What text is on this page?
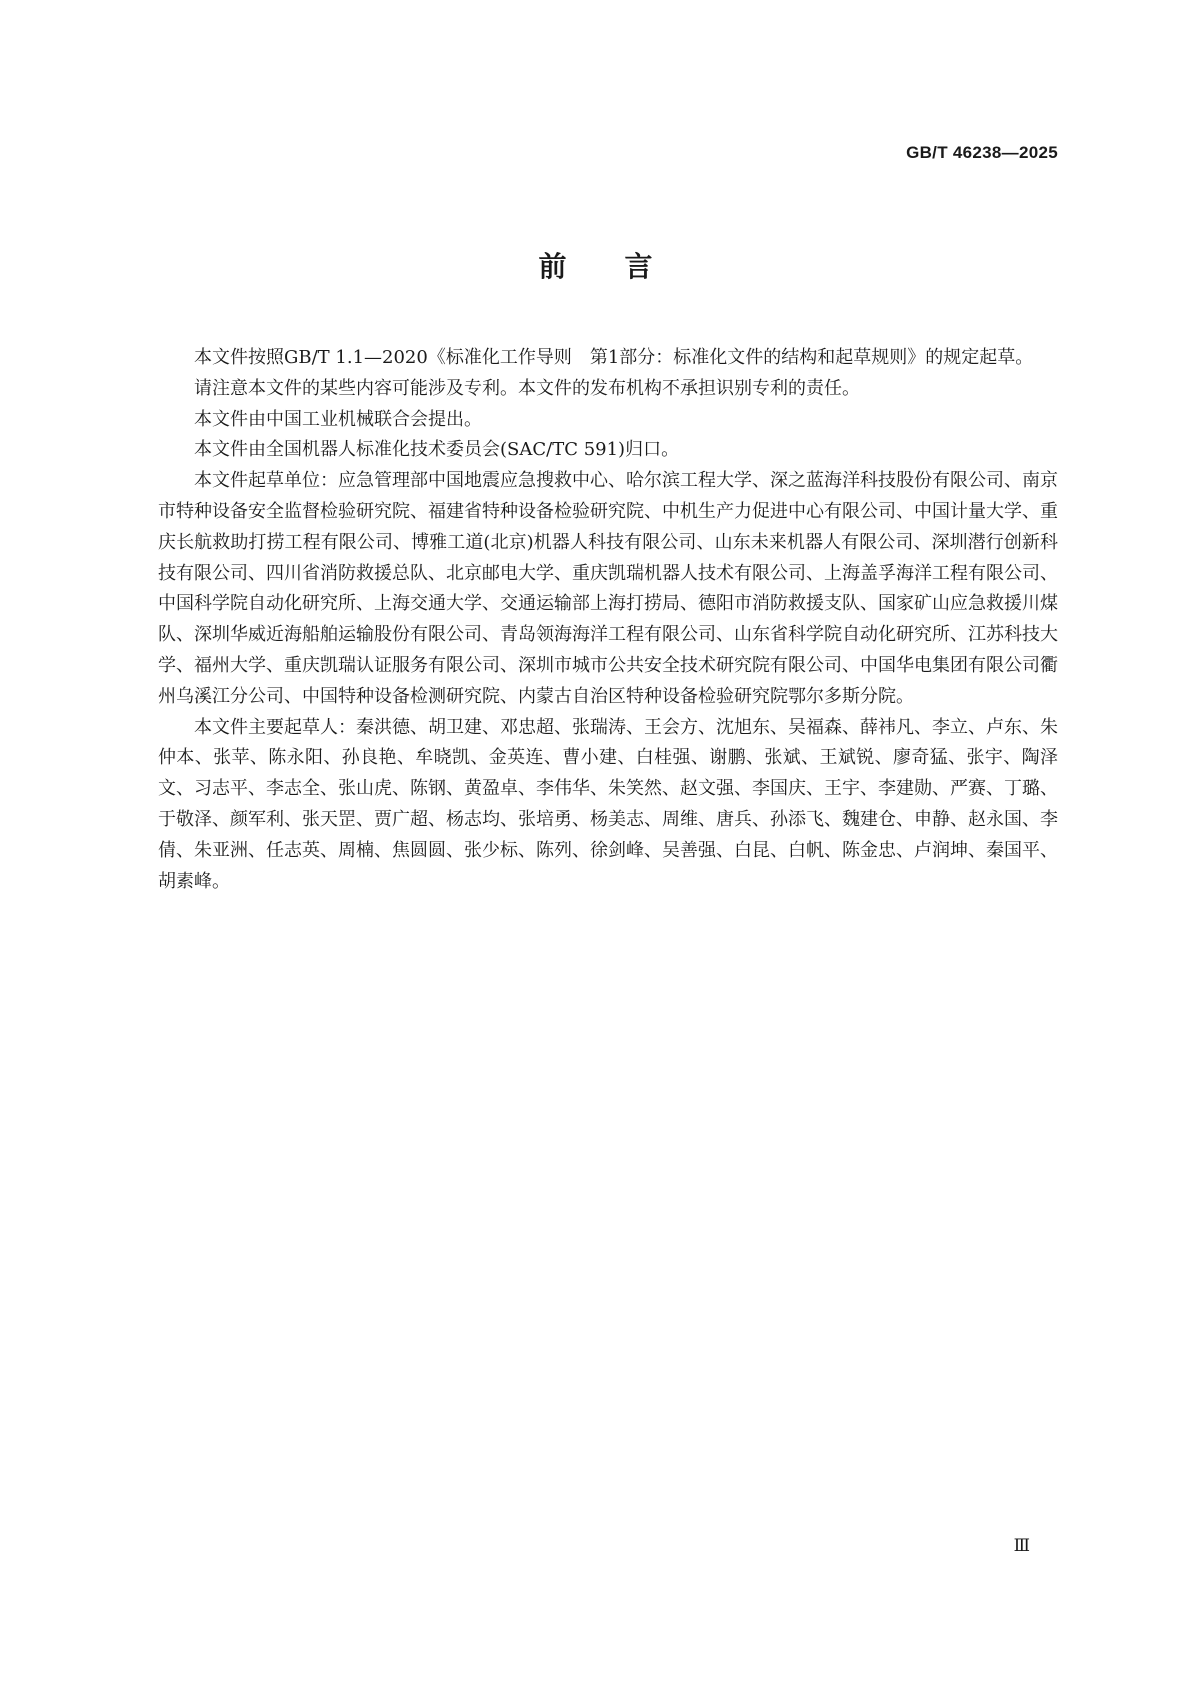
GB/T 46238—2025
前言

本文件按照GB/T 1.1—2020《标准化工作导则　第1部分：标准化文件的结构和起草规则》的规定起草。

请注意本文件的某些内容可能涉及专利。本文件的发布机构不承担识别专利的责任。

本文件由中国工业机械联合会提出。

本文件由全国机器人标准化技术委员会(SAC/TC 591)归口。

本文件起草单位：应急管理部中国地震应急搜救中心、哈尔滨工程大学、深之蓝海洋科技股份有限公司、南京市特种设备安全监督检验研究院、福建省特种设备检验研究院、中机生产力促进中心有限公司、中国计量大学、重庆长航救助打捞工程有限公司、博雅工道(北京)机器人科技有限公司、山东未来机器人有限公司、深圳潜行创新科技有限公司、四川省消防救援总队、北京邮电大学、重庆凯瑞机器人技术有限公司、上海盖孚海洋工程有限公司、中国科学院自动化研究所、上海交通大学、交通运输部上海打捞局、德阳市消防救援支队、国家矿山应急救援川煤队、深圳华威近海船舶运输股份有限公司、青岛领海海洋工程有限公司、山东省科学院自动化研究所、江苏科技大学、福州大学、重庆凯瑞认证服务有限公司、深圳市城市公共安全技术研究院有限公司、中国华电集团有限公司衢州乌溪江分公司、中国特种设备检测研究院、内蒙古自治区特种设备检验研究院鄂尔多斯分院。

本文件主要起草人：秦洪德、胡卫建、邓忠超、张瑞涛、王会方、沈旭东、吴福森、薛祎凡、李立、卢东、朱仲本、张苹、陈永阳、孙良艳、牟晓凯、金英连、曹小建、白桂强、谢鹏、张斌、王斌锐、廖奇猛、张宇、陶泽文、习志平、李志全、张山虎、陈钢、黄盈卓、李伟华、朱笑然、赵文强、李国庆、王宇、李建勋、严赛、丁璐、于敬泽、颜军利、张天罡、贾广超、杨志均、张培勇、杨美志、周维、唐兵、孙添飞、魏建仓、申静、赵永国、李倩、朱亚洲、任志英、周楠、焦圆圆、张少标、陈列、徐剑峰、吴善强、白昆、白帆、陈金忠、卢润坤、秦国平、胡素峰。

Ⅲ
